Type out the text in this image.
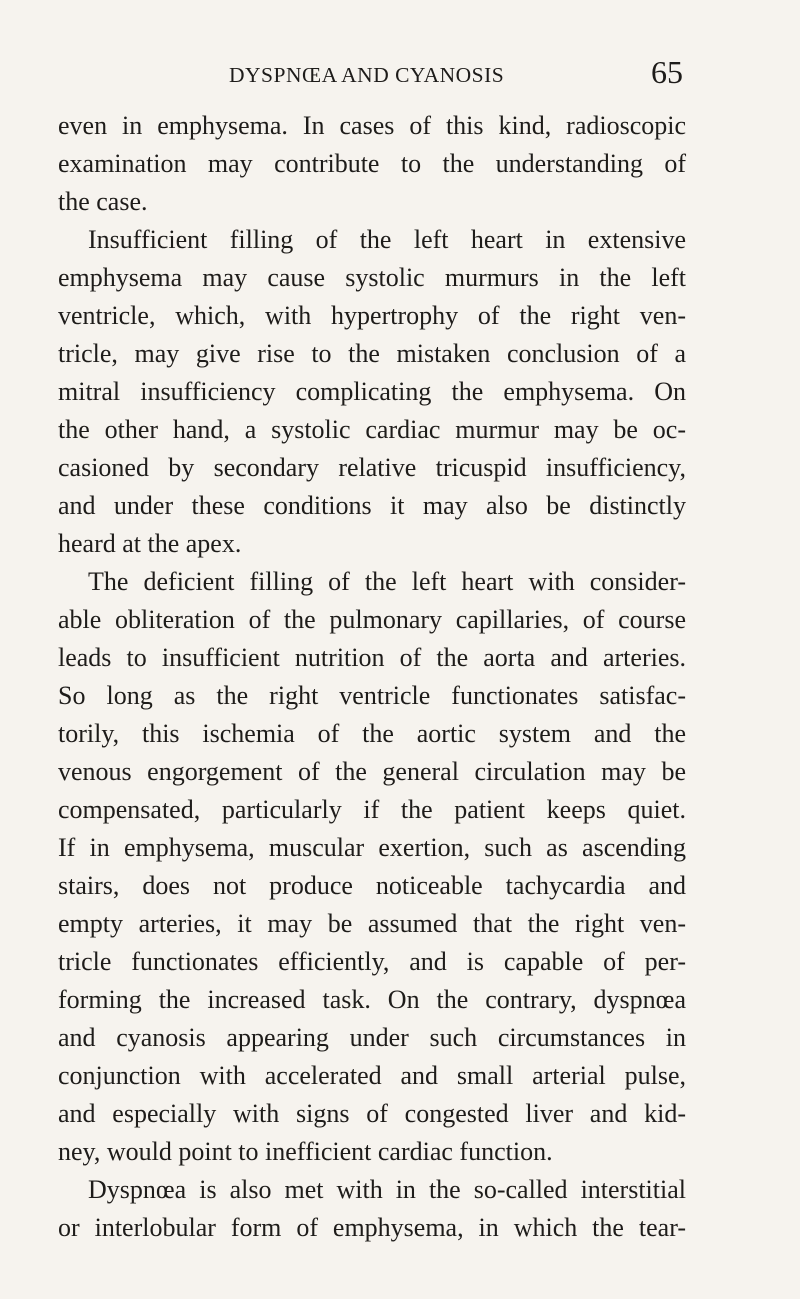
DYSPNŒA AND CYANOSIS	65
even in emphysema. In cases of this kind, radioscopic
examination may contribute to the understanding of
the case.
Insufficient filling of the left heart in extensive
emphysema may cause systolic murmurs in the left
ventricle, which, with hypertrophy of the right ven-
tricle, may give rise to the mistaken conclusion of a
mitral insufficiency complicating the emphysema. On
the other hand, a systolic cardiac murmur may be oc-
casioned by secondary relative tricuspid insufficiency,
and under these conditions it may also be distinctly
heard at the apex.
The deficient filling of the left heart with consider-
able obliteration of the pulmonary capillaries, of course
leads to insufficient nutrition of the aorta and arteries.
So long as the right ventricle functionates satisfac-
torily, this ischemia of the aortic system and the
venous engorgement of the general circulation may be
compensated, particularly if the patient keeps quiet.
If in emphysema, muscular exertion, such as ascending
stairs, does not produce noticeable tachycardia and
empty arteries, it may be assumed that the right ven-
tricle functionates efficiently, and is capable of per-
forming the increased task. On the contrary, dyspnœa
and cyanosis appearing under such circumstances in
conjunction with accelerated and small arterial pulse,
and especially with signs of congested liver and kid-
ney, would point to inefficient cardiac function.
Dyspnœa is also met with in the so-called interstitial
or interlobular form of emphysema, in which the tear-
